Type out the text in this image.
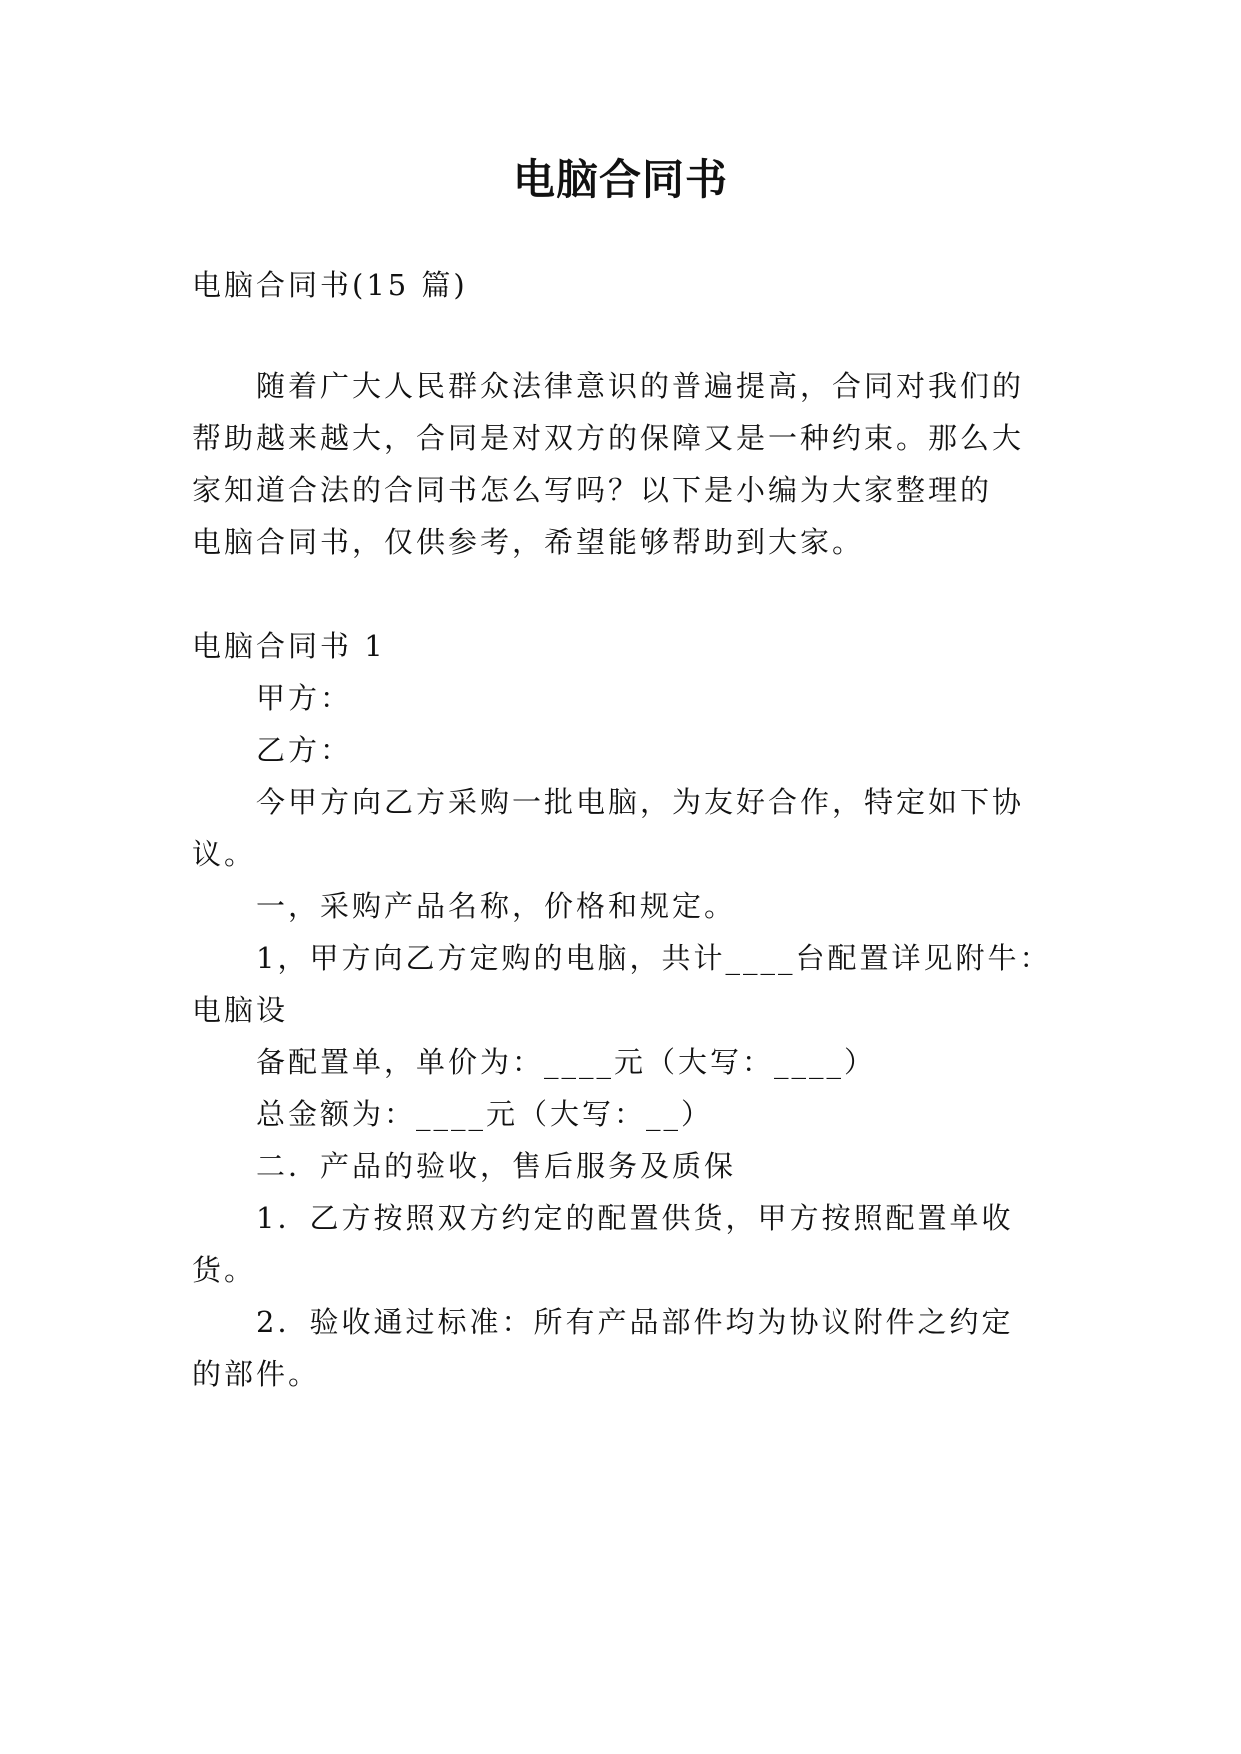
电脑合同书
电脑合同书(15 篇)
随着广大人民群众法律意识的普遍提高，合同对我们的
帮助越来越大，合同是对双方的保障又是一种约束。那么大
家知道合法的合同书怎么写吗？以下是小编为大家整理的
电脑合同书，仅供参考，希望能够帮助到大家。
电脑合同书 1
甲方：
乙方：
今甲方向乙方采购一批电脑，为友好合作，特定如下协
议。
一，采购产品名称，价格和规定。
1，甲方向乙方定购的电脑，共计____台配置详见附牛：
电脑设
备配置单，单价为：____元（大写：____）
总金额为：____元（大写：__）
二．产品的验收，售后服务及质保
1．乙方按照双方约定的配置供货，甲方按照配置单收
货。
2．验收通过标准：所有产品部件均为协议附件之约定
的部件。
